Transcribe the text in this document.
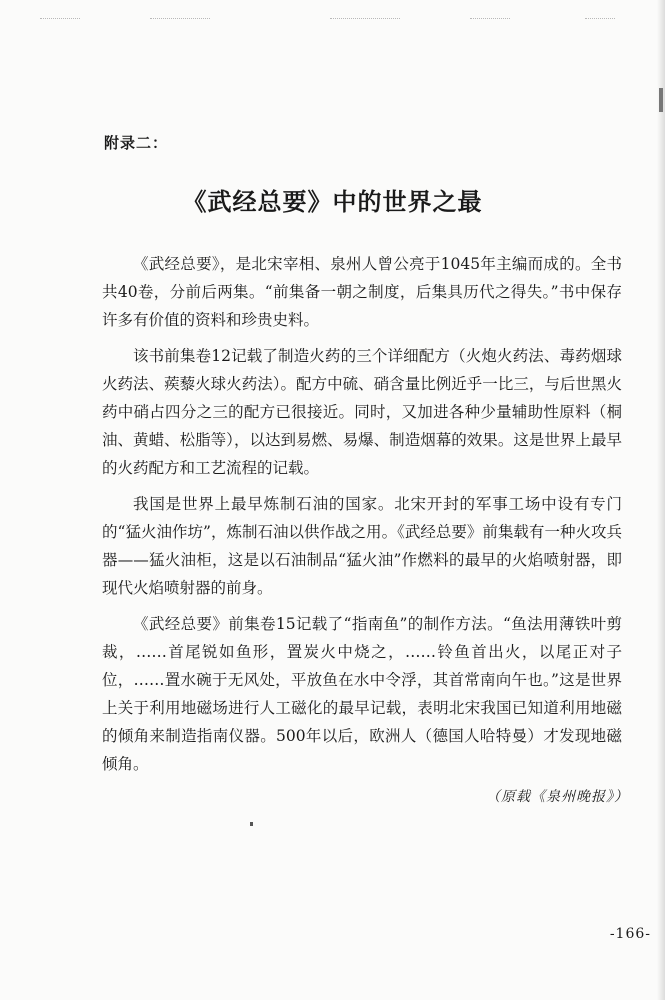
附录二：
《武经总要》中的世界之最

《武经总要》，是北宋宰相、泉州人曾公亮于1045年主编而成的。全书共40卷，分前后两集。“前集备一朝之制度，后集具历代之得失。”书中保存许多有价值的资料和珍贵史料。

该书前集卷12记载了制造火药的三个详细配方（火炮火药法、毒药烟球火药法、蒺藜火球火药法）。配方中硫、硝含量比例近乎一比三，与后世黑火药中硝占四分之三的配方已很接近。同时，又加进各种少量辅助性原料（桐油、黄蜡、松脂等），以达到易燃、易爆、制造烟幕的效果。这是世界上最早的火药配方和工艺流程的记载。

我国是世界上最早炼制石油的国家。北宋开封的军事工场中设有专门的“猛火油作坊”，炼制石油以供作战之用。《武经总要》前集载有一种火攻兵器——猛火油柜，这是以石油制品“猛火油”作燃料的最早的火焰喷射器，即现代火焰喷射器的前身。

《武经总要》前集卷15记载了“指南鱼”的制作方法。“鱼法用薄铁叶剪裁，……首尾锐如鱼形，置炭火中烧之，……铃鱼首出火，以尾正对子位，……置水碗于无风处，平放鱼在水中令浮，其首常南向午也。”这是世界上关于利用地磁场进行人工磁化的最早记载，表明北宋我国已知道利用地磁的倾角来制造指南仪器。500年以后，欧洲人（德国人哈特曼）才发现地磁倾角。

（原载《泉州晚报》）
-166-
